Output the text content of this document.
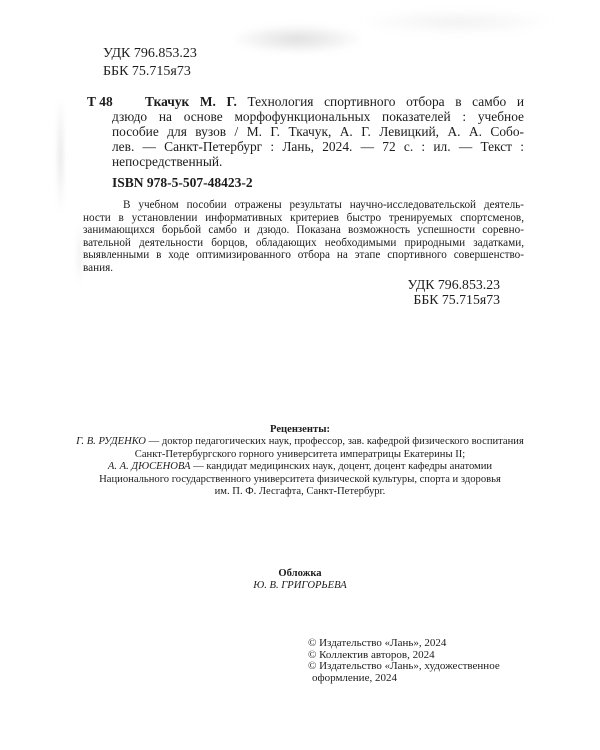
УДК 796.853.23
ББК 75.715я73
Т 48	Ткачук М. Г. Технология спортивного отбора в самбо и
дзюдо на основе морфофункциональных показателей : учебное
пособие для вузов / М. Г. Ткачук, А. Г. Левицкий, А. А. Собо-
лев. — Санкт-Петербург : Лань, 2024. — 72 с. : ил. — Текст :
непосредственный.
ISBN 978-5-507-48423-2
В учебном пособии отражены результаты научно-исследовательской деятель-
ности в установлении информативных критериев быстро тренируемых спортсменов,
занимающихся борьбой самбо и дзюдо. Показана возможность успешности соревно-
вательной деятельности борцов, обладающих необходимыми природными задатками,
выявленными в ходе оптимизированного отбора на этапе спортивного совершенство-
вания.
УДК 796.853.23
ББК 75.715я73
Рецензенты:
Г. В. РУДЕНКО — доктор педагогических наук, профессор, зав. кафедрой физического воспитания
Санкт-Петербургского горного университета императрицы Екатерины II;
А. А. ДЮСЕНОВА — кандидат медицинских наук, доцент, доцент кафедры анатомии
Национального государственного университета физической культуры, спорта и здоровья
им. П. Ф. Лесгафта, Санкт-Петербург.
Обложка
Ю. В. ГРИГОРЬЕВА
© Издательство «Лань», 2024
© Коллектив авторов, 2024
© Издательство «Лань», художественное
оформление, 2024
